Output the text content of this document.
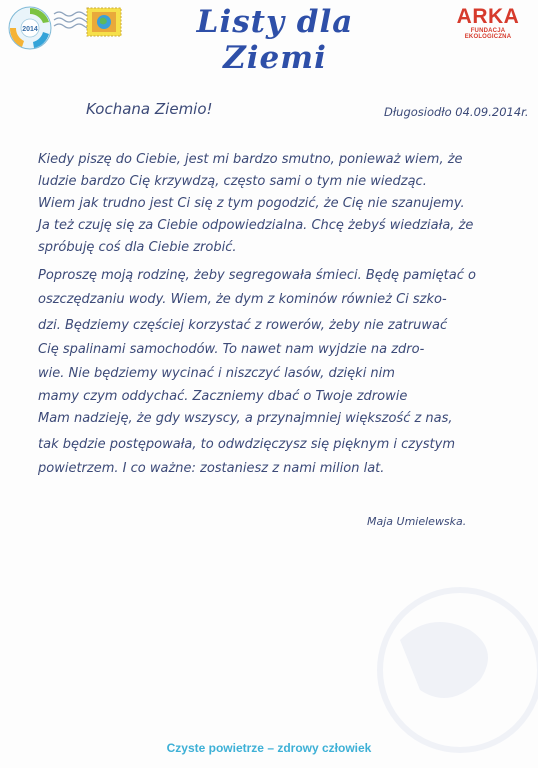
2014	Listy dla Ziemi
ARKA
FUNDACJA EKOLOGICZNA
Kochana Ziemio!	Długosiodło 04.09.2014r.
Kiedy piszę do Ciebie, jest mi bardzo smutno, ponieważ wiem, że
ludzie bardzo Cię krzywdzą, często sami o tym nie wiedząc.
Wiem jak trudno jest Ci się z tym pogodzić, że Cię nie szanujemy.
Ja też czuję się za Ciebie odpowiedzialna. Chcę żebyś wiedziała, że
spróbuję coś dla Ciebie zrobić.
Poproszę moją rodzinę, żeby segregowała śmieci. Będę pamiętać o
oszczędzaniu wody. Wiem, że dym z kominów również Ci szko-
dzi. Będziemy częściej korzystać z rowerów, żeby nie zatruwać
Cię spalinami samochodów. To nawet nam wyjdzie na zdro-
wie. Nie będziemy wycinać i niszczyć lasów, dzięki nim
mamy czym oddychać. Zaczniemy dbać o Twoje zdrowie
Mam nadzieję, że gdy wszyscy, a przynajmniej większość z nas,
tak będzie postępowała, to odwdzięczysz się pięknym i czystym
powietrzem. I co ważne: zostaniesz z nami milion lat.
Maja Umielewska.
Czyste powietrze – zdrowy człowiek
